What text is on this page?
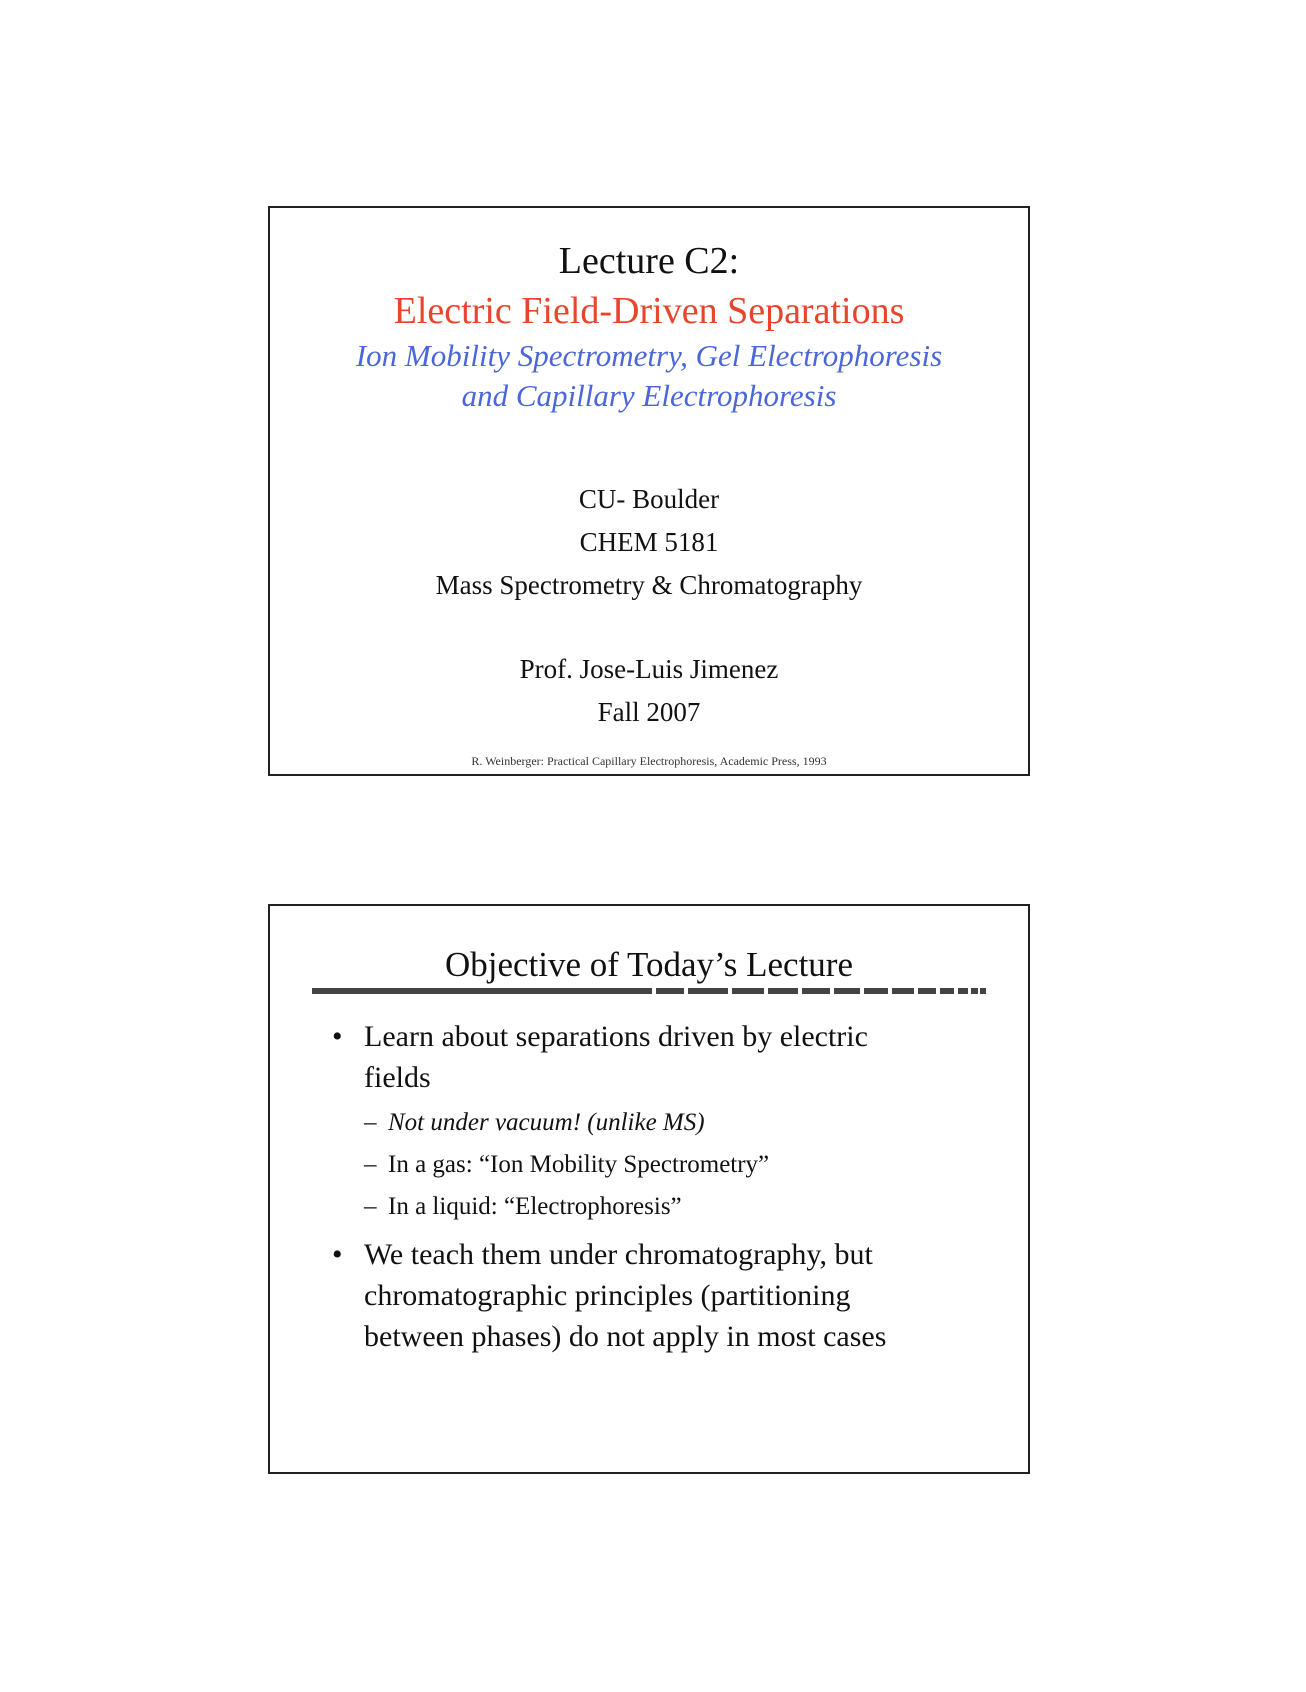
Lecture C2:
Electric Field-Driven Separations
Ion Mobility Spectrometry, Gel Electrophoresis
and Capillary Electrophoresis
CU- Boulder
CHEM 5181
Mass Spectrometry & Chromatography
Prof. Jose-Luis Jimenez
Fall 2007
R. Weinberger: Practical Capillary Electrophoresis, Academic Press, 1993
Objective of Today’s Lecture
• Learn about separations driven by electric
fields
– Not under vacuum! (unlike MS)
– In a gas: “Ion Mobility Spectrometry”
– In a liquid: “Electrophoresis”
• We teach them under chromatography, but
chromatographic principles (partitioning
between phases) do not apply in most cases
